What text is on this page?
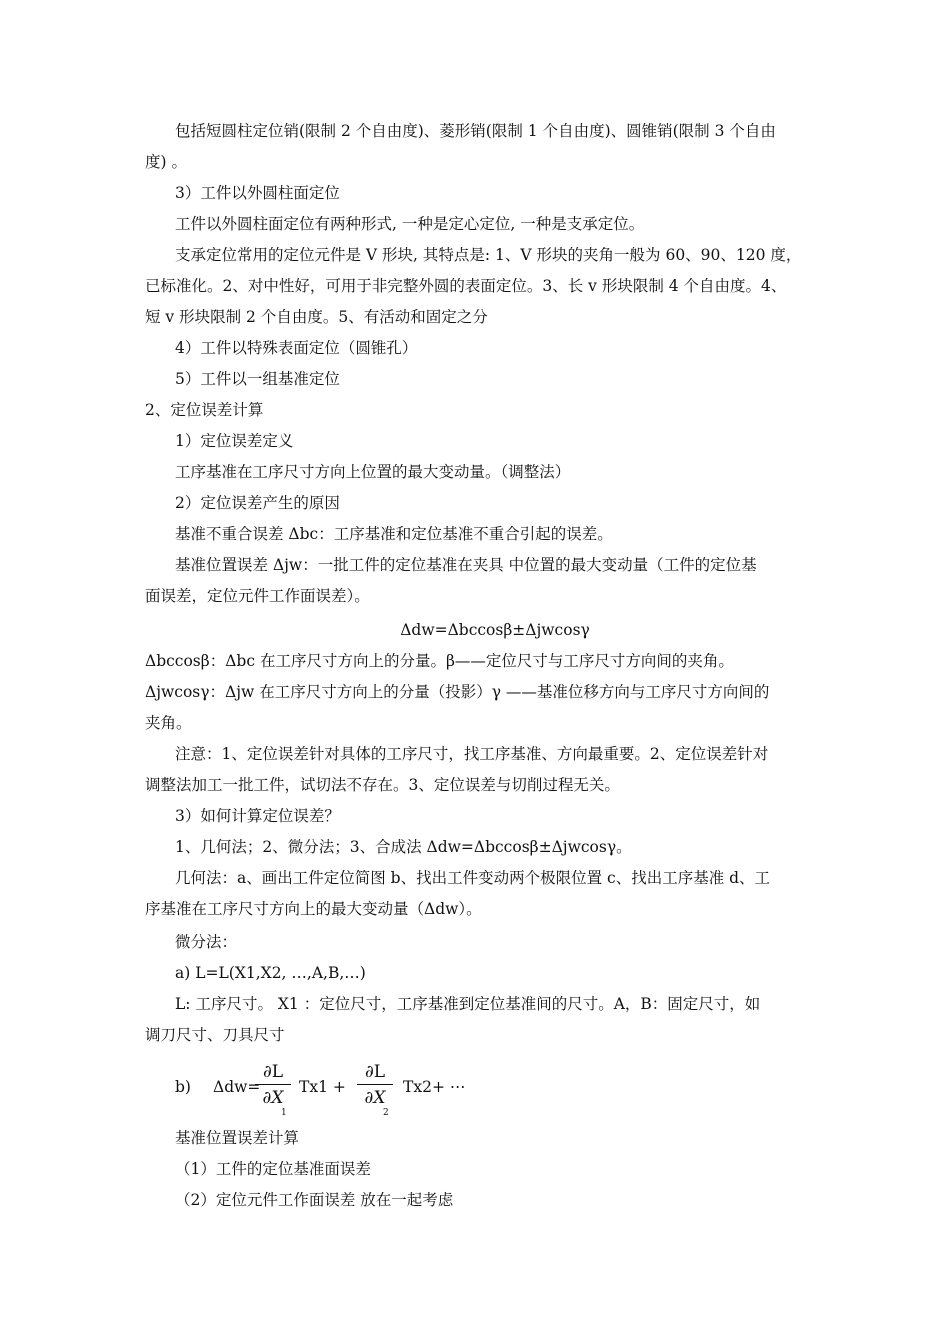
包括短圆柱定位销(限制 2 个自由度)、菱形销(限制 1 个自由度)、圆锥销(限制 3 个自由
度) 。
3）工件以外圆柱面定位
工件以外圆柱面定位有两种形式, 一种是定心定位, 一种是支承定位。
支承定位常用的定位元件是 V 形块, 其特点是: 1、V 形块的夹角一般为 60、90、120 度，
已标准化。2、对中性好，可用于非完整外圆的表面定位。3、长 v 形块限制 4 个自由度。4、
短 v 形块限制 2 个自由度。5、有活动和固定之分
4）工件以特殊表面定位（圆锥孔）
5）工件以一组基准定位
2、定位误差计算
1）定位误差定义
工序基准在工序尺寸方向上位置的最大变动量。（调整法）
2）定位误差产生的原因
基准不重合误差 Δbc：工序基准和定位基准不重合引起的误差。
基准位置误差 Δjw：一批工件的定位基准在夹具 中位置的最大变动量（工件的定位基
面误差，定位元件工作面误差）。
Δdw=Δbccosβ±Δjwcosγ
Δbccosβ：Δbc 在工序尺寸方向上的分量。β——定位尺寸与工序尺寸方向间的夹角。
Δjwcosγ：Δjw 在工序尺寸方向上的分量（投影）γ ——基准位移方向与工序尺寸方向间的
夹角。
注意：1、定位误差针对具体的工序尺寸，找工序基准、方向最重要。2、定位误差针对
调整法加工一批工件，试切法不存在。3、定位误差与切削过程无关。
3）如何计算定位误差？
1、几何法；2、微分法；3、合成法 Δdw=Δbccosβ±Δjwcosγ。
几何法：a、画出工件定位简图 b、找出工件变动两个极限位置 c、找出工序基准 d、工
序基准在工序尺寸方向上的最大变动量（Δdw）。
微分法：
a) L=L(X1,X2, …,A,B,…)
L: 工序尺寸。 X1 ：定位尺寸，工序基准到定位基准间的尺寸。A，B：固定尺寸，如
调刀尺寸、刀具尺寸
b) Δdw=
∂L
∂X
1
Tx1 +
∂L
∂X
2
Tx2+ ⋯
基准位置误差计算
（1）工件的定位基准面误差
（2）定位元件工作面误差 放在一起考虑
